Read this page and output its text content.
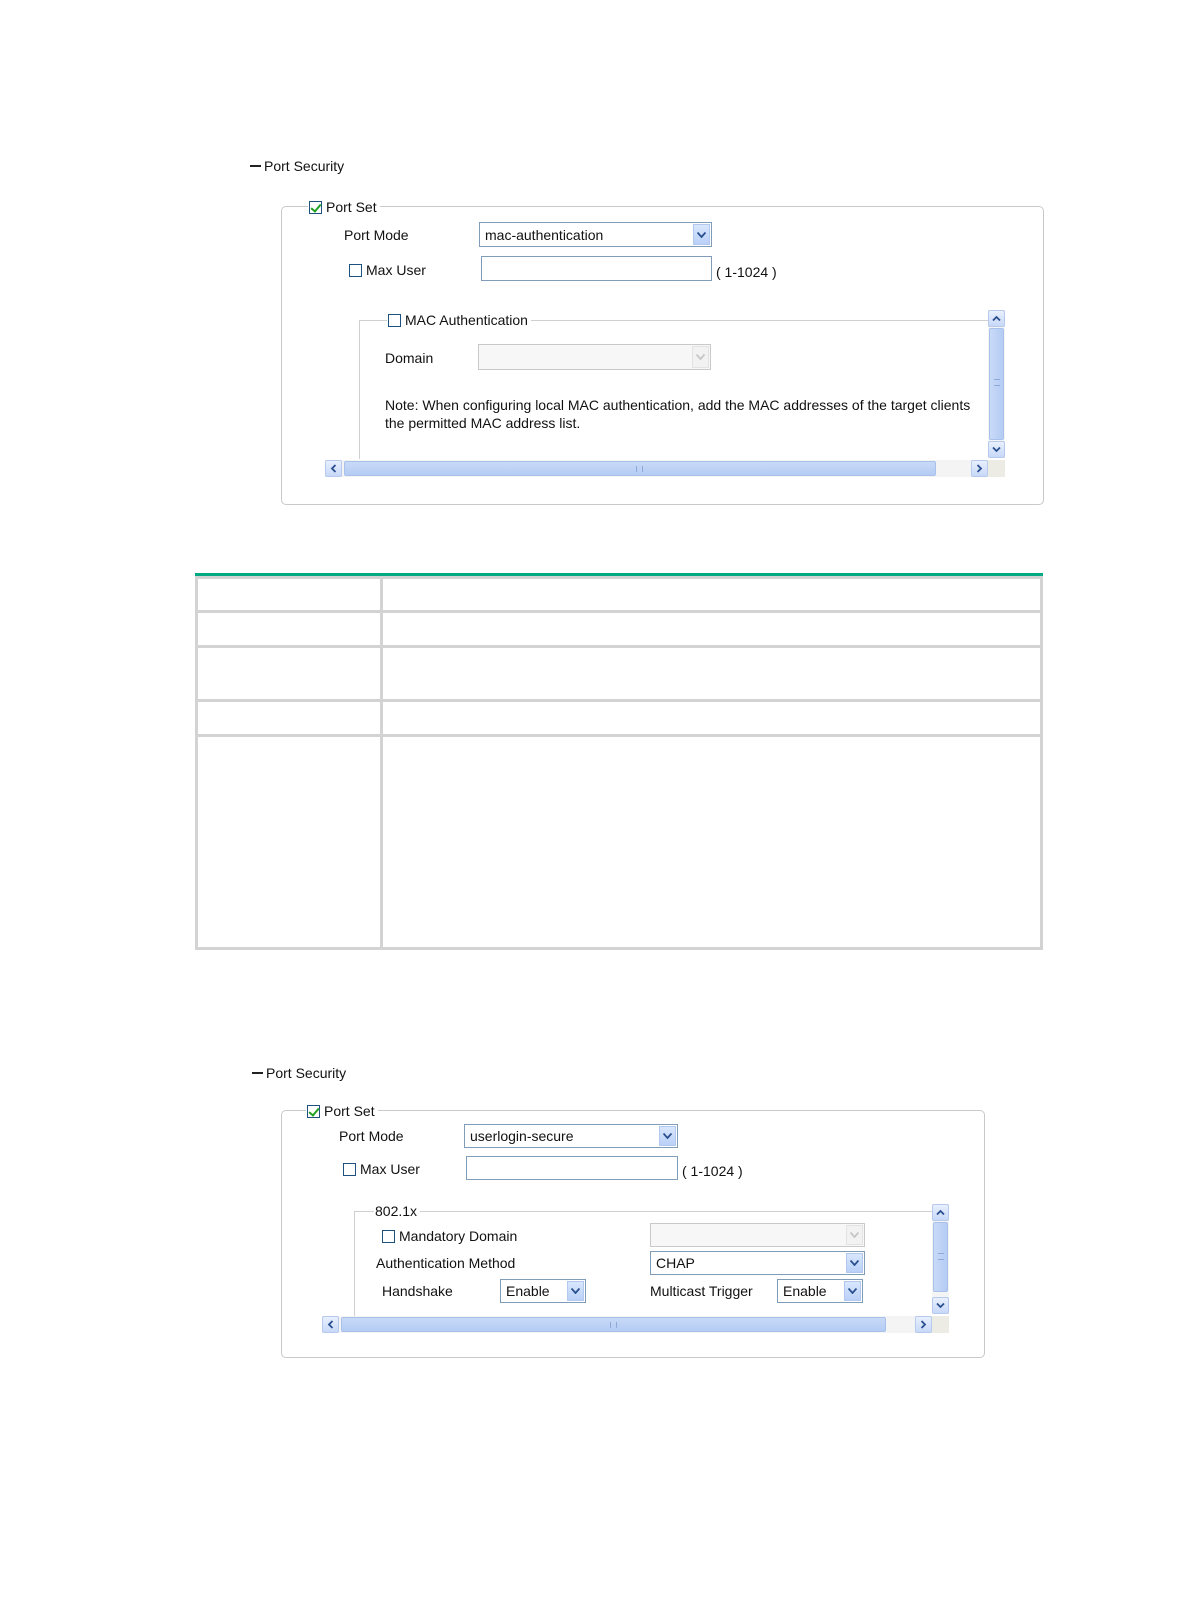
Port Security
Port Set
Port Mode	mac-authentication
Max User	( 1-1024 )
MAC Authentication
Domain
Note: When configuring local MAC authentication, add the MAC addresses of the target clients
the permitted MAC address list.

Port Security
Port Set
Port Mode	userlogin-secure
Max User	( 1-1024 )
802.1x
Mandatory Domain
Authentication Method	CHAP
Handshake	Enable	Multicast Trigger Enable
